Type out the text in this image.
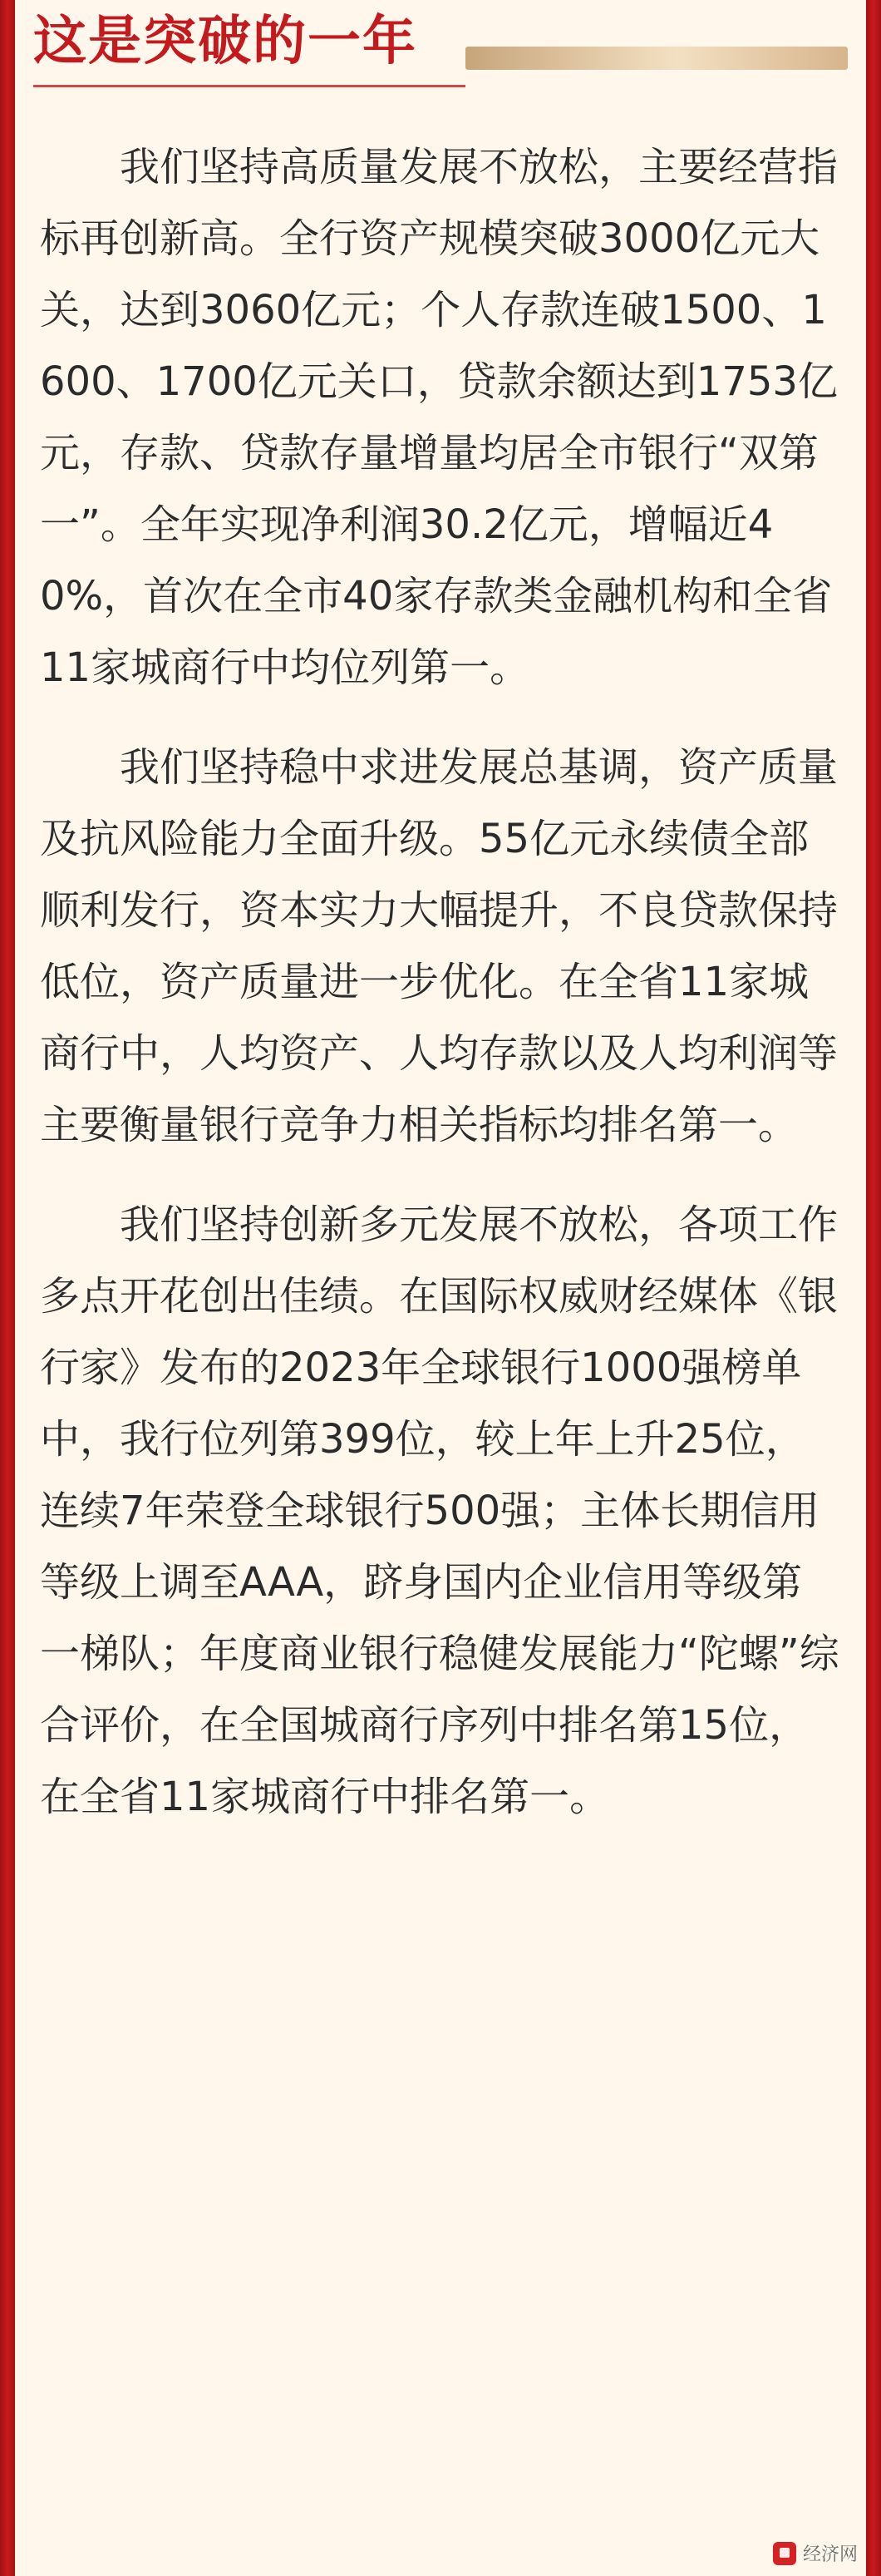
这是突破的一年

我们坚持高质量发展不放松，主要经营指标再创新高。全行资产规模突破3000亿元大关，达到3060亿元；个人存款连破1500、1600、1700亿元关口，贷款余额达到1753亿元，存款、贷款存量增量均居全市银行“双第一”。全年实现净利润30.2亿元，增幅近40%，首次在全市40家存款类金融机构和全省11家城商行中均位列第一。

我们坚持稳中求进发展总基调，资产质量及抗风险能力全面升级。55亿元永续债全部顺利发行，资本实力大幅提升，不良贷款保持低位，资产质量进一步优化。在全省11家城商行中，人均资产、人均存款以及人均利润等主要衡量银行竞争力相关指标均排名第一。

我们坚持创新多元发展不放松，各项工作多点开花创出佳绩。在国际权威财经媒体《银行家》发布的2023年全球银行1000强榜单中，我行位列第399位，较上年上升25位，连续7年荣登全球银行500强；主体长期信用等级上调至AAA，跻身国内企业信用等级第一梯队；年度商业银行稳健发展能力“陀螺”综合评价，在全国城商行序列中排名第15位，在全省11家城商行中排名第一。

经济网
